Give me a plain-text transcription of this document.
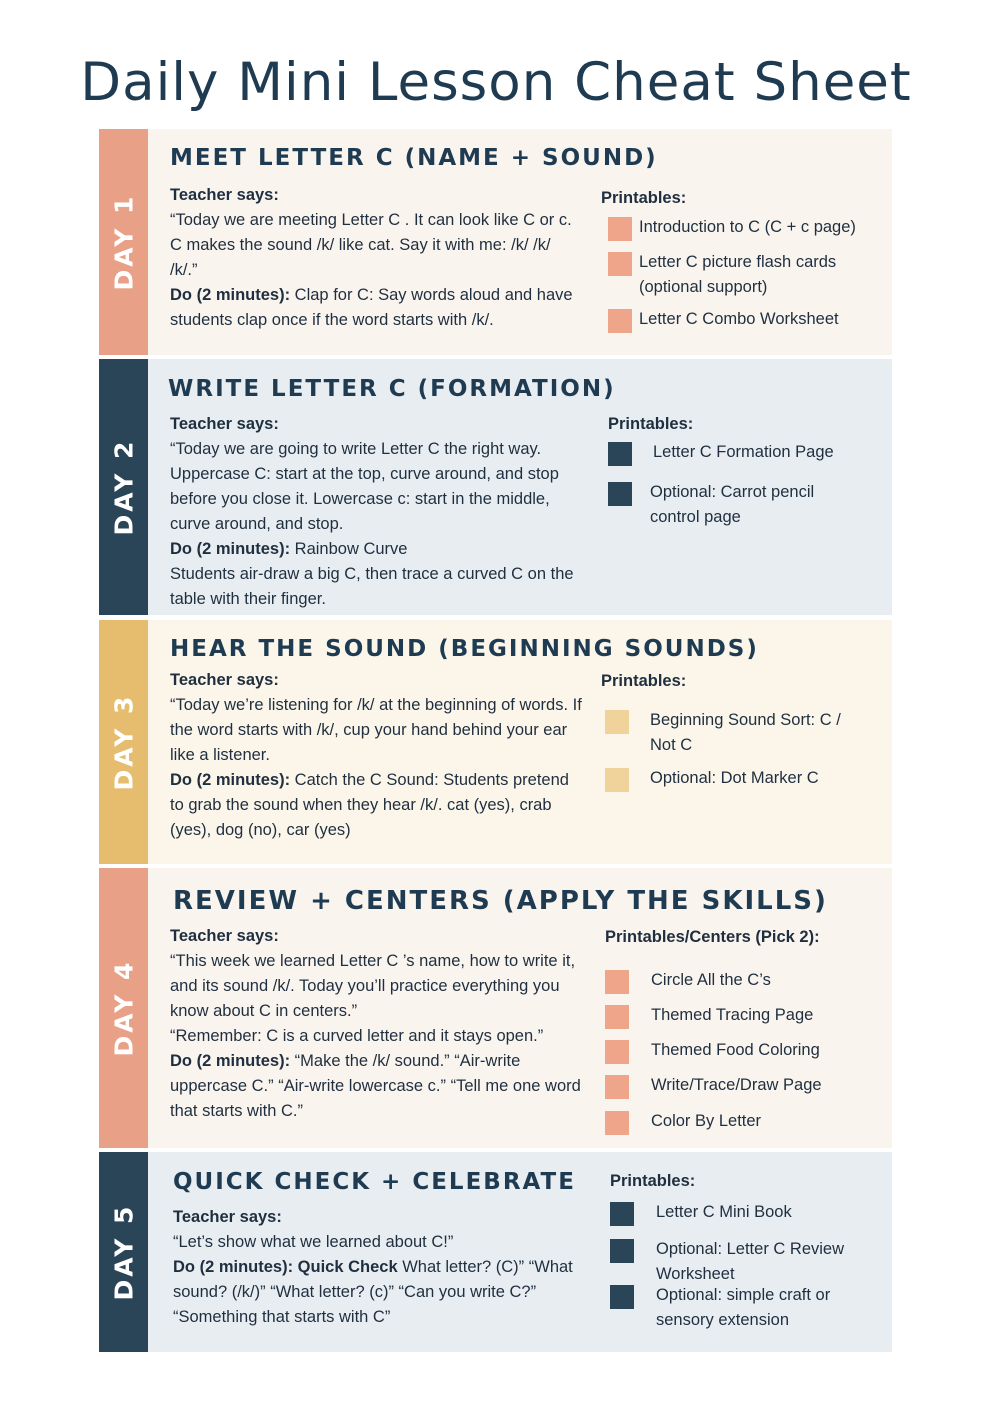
Daily Mini Lesson Cheat Sheet
DAY 1
MEET LETTER C (NAME + SOUND)

Teacher says:

“Today we are meeting Letter C . It can look like C or c. C makes the sound /k/ like cat. Say it with me: /k/ /k/ /k/.”

Do (2 minutes): Clap for C: Say words aloud and have students clap once if the word starts with /k/.

Printables:
Introduction to C (C + c page)
Letter C picture flash cards (optional support)
Letter C Combo Worksheet
DAY 2
WRITE LETTER C (FORMATION)

Teacher says:

“Today we are going to write Letter C the right way. Uppercase C: start at the top, curve around, and stop before you close it. Lowercase c: start in the middle, curve around, and stop.

Do (2 minutes): Rainbow Curve

Students air-draw a big C, then trace a curved C on the table with their finger.

Printables:
Letter C Formation Page
Optional: Carrot pencil control page
DAY 3
HEAR THE SOUND (BEGINNING SOUNDS)

Teacher says:

“Today we’re listening for /k/ at the beginning of words. If the word starts with /k/, cup your hand behind your ear like a listener.

Do (2 minutes): Catch the C Sound: Students pretend to grab the sound when they hear /k/. cat (yes), crab (yes), dog (no), car (yes)

Printables:
Beginning Sound Sort: C / Not C
Optional: Dot Marker C
DAY 4
REVIEW + CENTERS (APPLY THE SKILLS)

Teacher says:

“This week we learned Letter C ’s name, how to write it, and its sound /k/. Today you’ll practice everything you know about C in centers.”

“Remember: C is a curved letter and it stays open.”

Do (2 minutes): “Make the /k/ sound.” “Air-write uppercase C.” “Air-write lowercase c.” “Tell me one word that starts with C.”

Printables/Centers (Pick 2):
Circle All the C’s
Themed Tracing Page
Themed Food Coloring
Write/Trace/Draw Page
Color By Letter
DAY 5
QUICK CHECK + CELEBRATE

Teacher says:

“Let’s show what we learned about C!”

Do (2 minutes): Quick Check What letter? (C)” “What sound? (/k/)” “What letter? (c)” “Can you write C?” “Something that starts with C”

Printables:
Letter C Mini Book
Optional: Letter C Review Worksheet
Optional: simple craft or sensory extension
